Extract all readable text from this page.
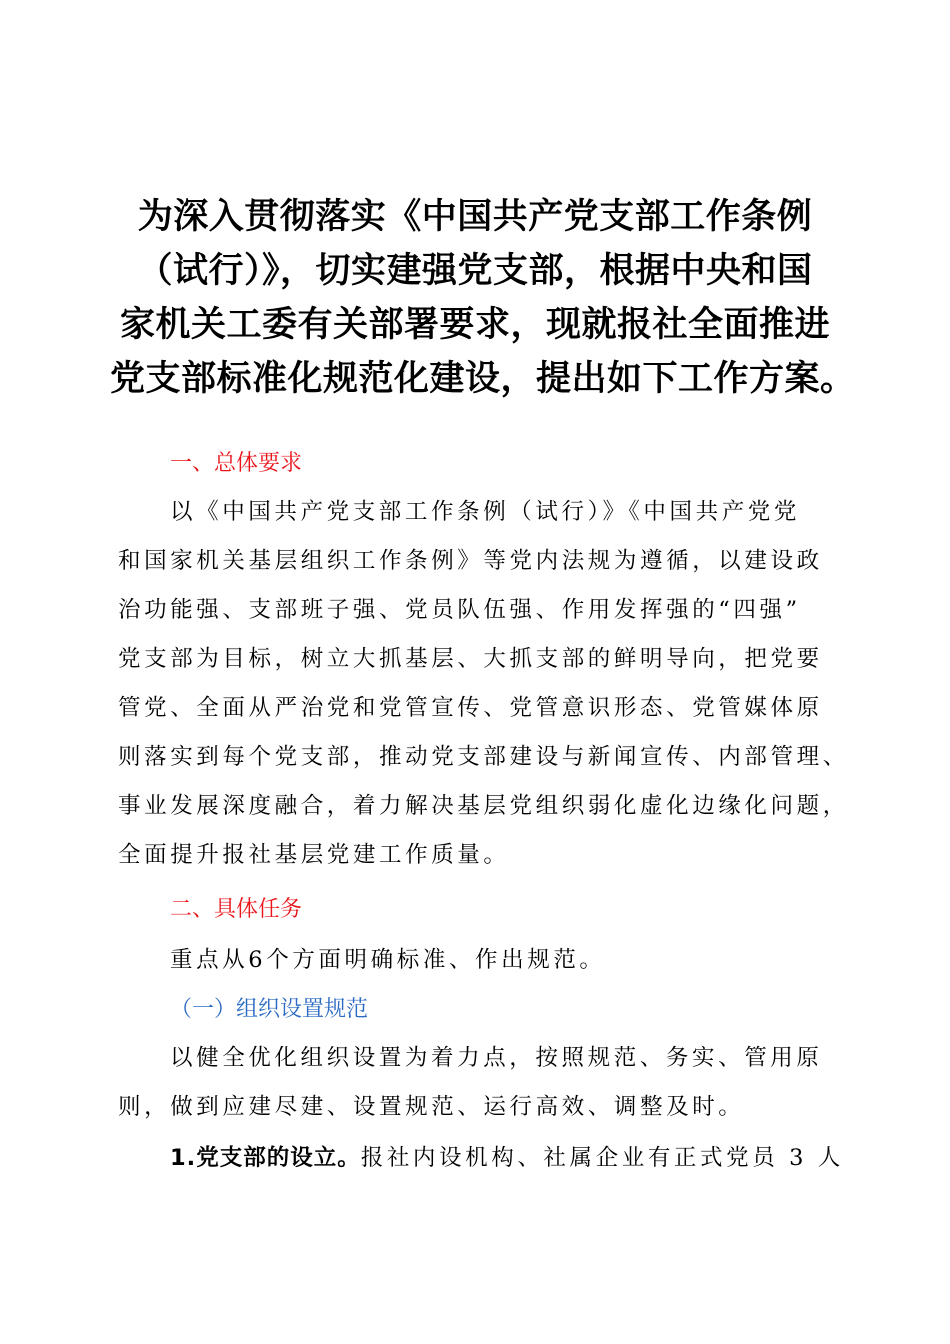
为深入贯彻落实《中国共产党支部工作条例
（试行）》，切实建强党支部，根据中央和国
家机关工委有关部署要求，现就报社全面推进
党支部标准化规范化建设，提出如下工作方案。
一、总体要求
以《中国共产党支部工作条例（试行）》《中国共产党党
和国家机关基层组织工作条例》等党内法规为遵循，以建设政
治功能强、支部班子强、党员队伍强、作用发挥强的“四强”
党支部为目标，树立大抓基层、大抓支部的鲜明导向，把党要
管党、全面从严治党和党管宣传、党管意识形态、党管媒体原
则落实到每个党支部，推动党支部建设与新闻宣传、内部管理、
事业发展深度融合，着力解决基层党组织弱化虚化边缘化问题，
全面提升报社基层党建工作质量。
二、具体任务
重点从6个方面明确标准、作出规范。
（一）组织设置规范
以健全优化组织设置为着力点，按照规范、务实、管用原
则，做到应建尽建、设置规范、运行高效、调整及时。
1.党支部的设立。报社内设机构、社属企业有正式党员 3 人
